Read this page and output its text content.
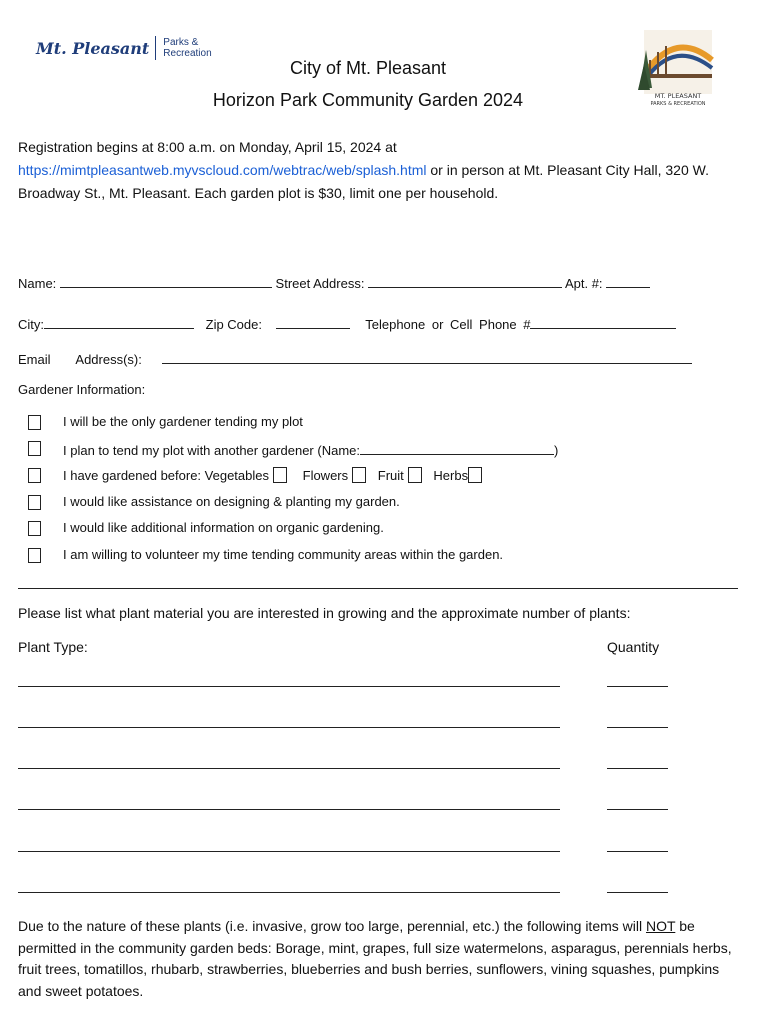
Mt. Pleasant Parks &
Recreation
MT. PLEASANT
PARKS & RECREATION
City of Mt. Pleasant
Horizon Park Community Garden 2024
Registration begins at 8:00 a.m. on Monday, April 15, 2024 at https://mimtpleasantweb.myvscloud.com/webtrac/web/splash.html or in person at Mt. Pleasant City Hall, 320 W. Broadway St., Mt. Pleasant. Each garden plot is $30, limit one per household.
Name:	Street Address:	Apt. #:
City:	Zip Code:	Telephone or Cell Phone #
Email Address(s):
Gardener Information:
I will be the only gardener tending my plot
I plan to tend my plot with another gardener (Name:	)
I have gardened before: Vegetables	Flowers Fruit Herbs
I would like assistance on designing & planting my garden.
I would like additional information on organic gardening.
I am willing to volunteer my time tending community areas within the garden.
Please list what plant material you are interested in growing and the approximate number of plants:
Plant Type:	Quantity
Due to the nature of these plants (i.e. invasive, grow too large, perennial, etc.) the following items will NOT be permitted in the community garden beds: Borage, mint, grapes, full size watermelons, asparagus, perennials herbs, fruit trees, tomatillos, rhubarb, strawberries, blueberries and bush berries, sunflowers, vining squashes, pumpkins and sweet potatoes.
